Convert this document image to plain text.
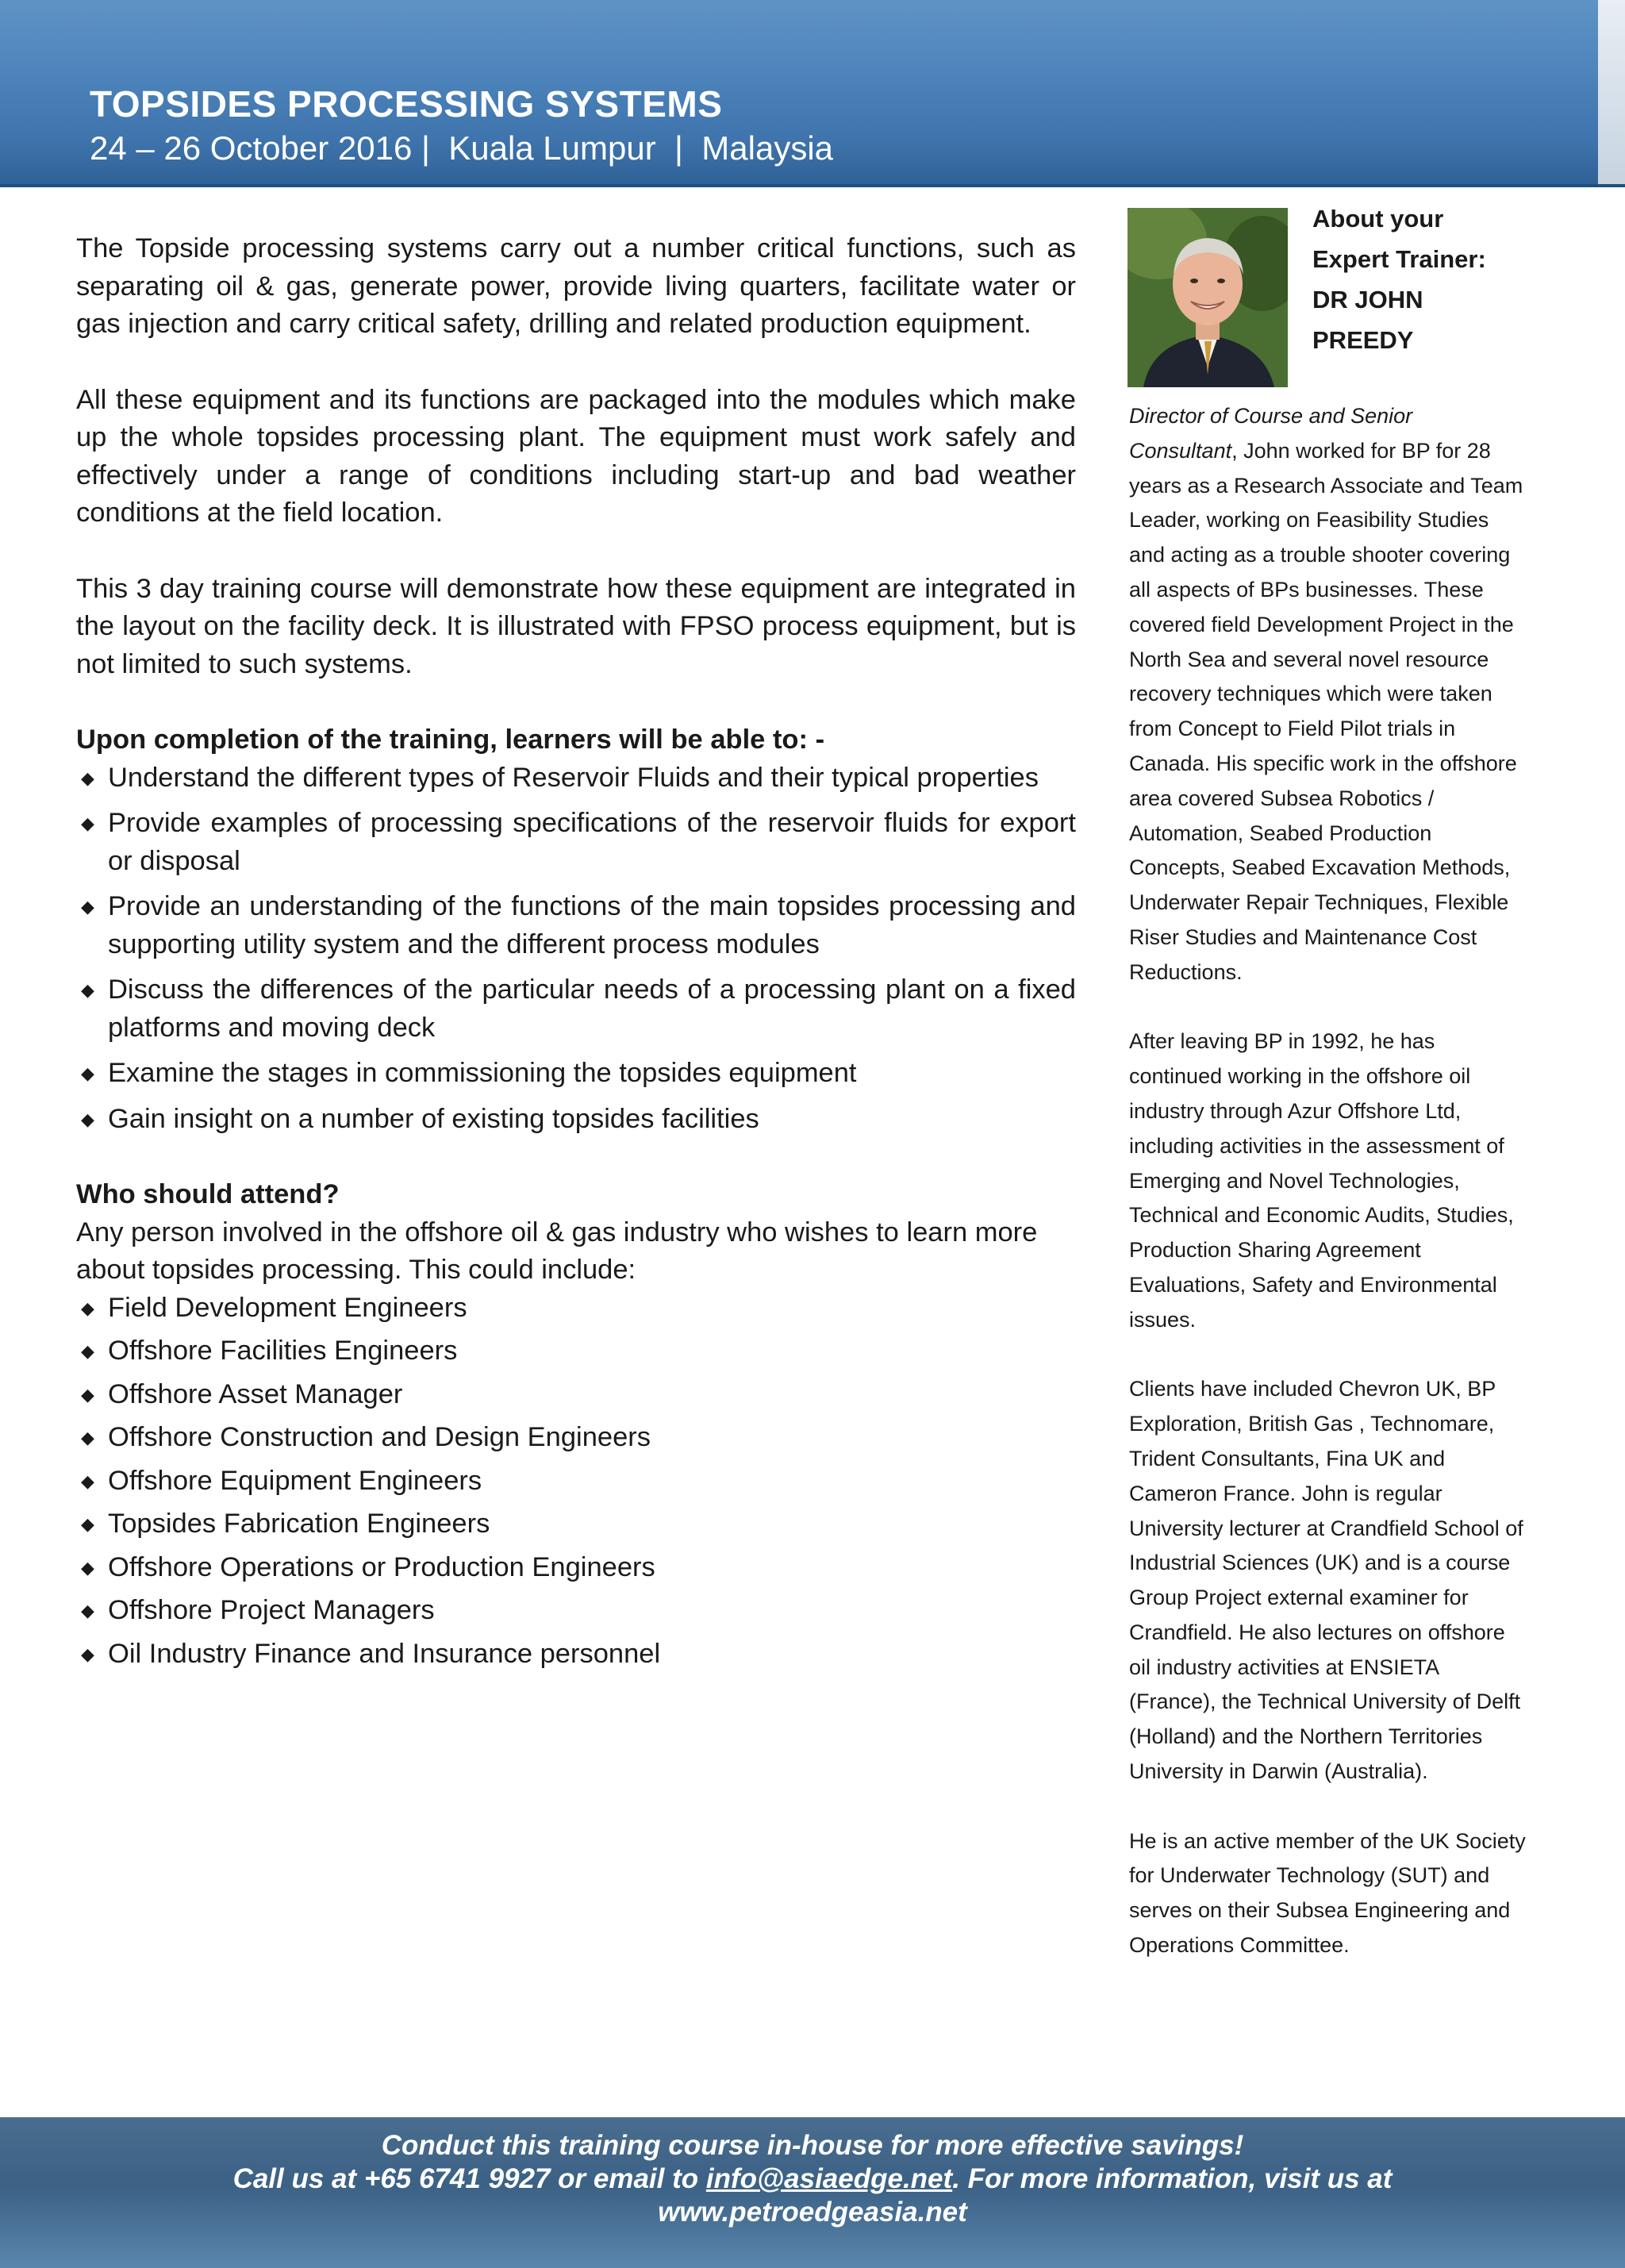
TOPSIDES PROCESSING SYSTEMS
24 – 26 October 2016 |  Kuala Lumpur  |  Malaysia

The Topside processing systems carry out a number critical functions, such as separating oil & gas, generate power, provide living quarters, facilitate water or gas injection and carry critical safety, drilling and related production equipment.

All these equipment and its functions are packaged into the modules which make up the whole topsides processing plant. The equipment must work safely and effectively under a range of conditions including start-up and bad weather conditions at the field location.

This 3 day training course will demonstrate how these equipment are integrated in the layout on the facility deck. It is illustrated with FPSO process equipment, but is not limited to such systems.

Upon completion of the training, learners will be able to: -

◆ Understand the different types of Reservoir Fluids and their typical properties
◆ Provide examples of processing specifications of the reservoir fluids for export or disposal
◆ Provide an understanding of the functions of the main topsides processing and supporting utility system and the different process modules
◆ Discuss the differences of the particular needs of a processing plant on a fixed platforms and moving deck
◆ Examine the stages in commissioning the topsides equipment
◆ Gain insight on a number of existing topsides facilities

Who should attend?

Any person involved in the offshore oil & gas industry who wishes to learn more about topsides processing. This could include:

◆ Field Development Engineers
◆ Offshore Facilities Engineers
◆ Offshore Asset Manager
◆ Offshore Construction and Design Engineers
◆ Offshore Equipment Engineers
◆ Topsides Fabrication Engineers
◆ Offshore Operations or Production Engineers
◆ Offshore Project Managers
◆ Oil Industry Finance and Insurance personnel
About your
Expert Trainer:
DR JOHN
PREEDY

Director of Course and Senior Consultant, John worked for BP for 28 years as a Research Associate and Team Leader, working on Feasibility Studies and acting as a trouble shooter covering all aspects of BPs businesses. These covered field Development Project in the North Sea and several novel resource recovery techniques which were taken from Concept to Field Pilot trials in Canada. His specific work in the offshore area covered Subsea Robotics / Automation, Seabed Production Concepts, Seabed Excavation Methods, Underwater Repair Techniques, Flexible Riser Studies and Maintenance Cost Reductions.

After leaving BP in 1992, he has continued working in the offshore oil industry through Azur Offshore Ltd, including activities in the assessment of Emerging and Novel Technologies, Technical and Economic Audits, Studies, Production Sharing Agreement Evaluations, Safety and Environmental issues.

Clients have included Chevron UK, BP Exploration, British Gas , Technomare, Trident Consultants, Fina UK and Cameron France. John is regular University lecturer at Crandfield School of Industrial Sciences (UK) and is a course Group Project external examiner for Crandfield. He also lectures on offshore oil industry activities at ENSIETA (France), the Technical University of Delft (Holland) and the Northern Territories University in Darwin (Australia).

He is an active member of the UK Society for Underwater Technology (SUT) and serves on their Subsea Engineering and Operations Committee.

Conduct this training course in-house for more effective savings!
Call us at +65 6741 9927 or email to info@asiaedge.net. For more information, visit us at
www.petroedgeasia.net
